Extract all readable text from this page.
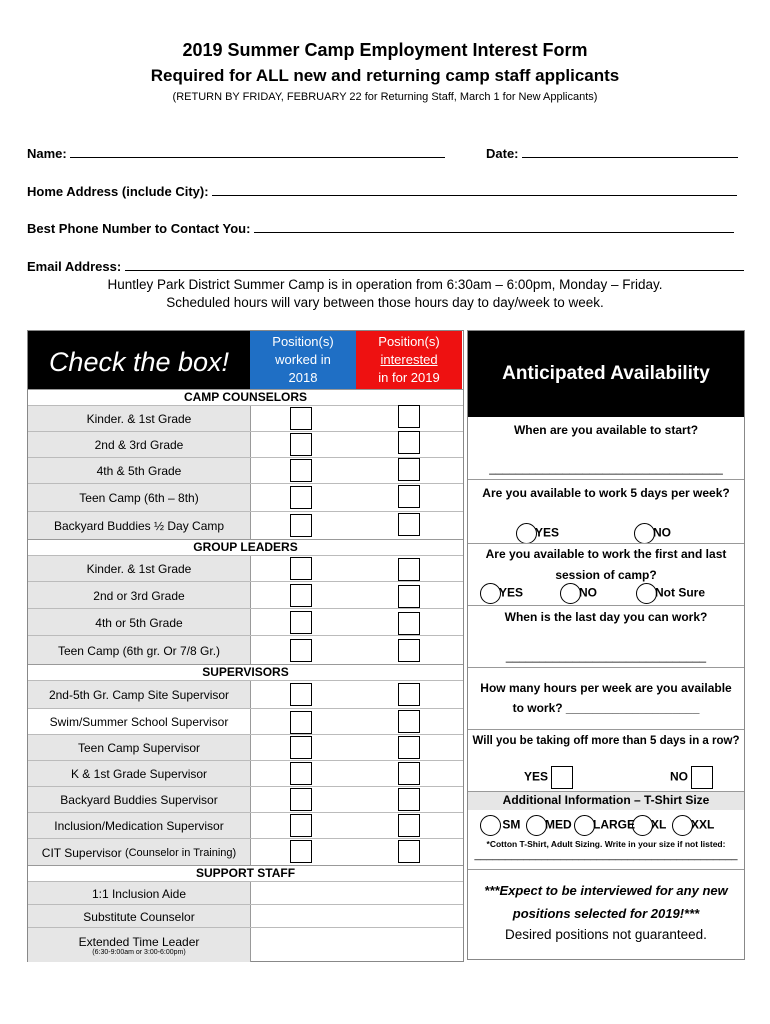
2019 Summer Camp Employment Interest Form
Required for ALL new and returning camp staff applicants
(RETURN BY FRIDAY, FEBRUARY 22 for Returning Staff, March 1 for New Applicants)
Name:	Date:
Home Address (include City):
Best Phone Number to Contact You:
Email Address:
Huntley Park District Summer Camp is in operation from 6:30am – 6:00pm, Monday – Friday.
Scheduled hours will vary between those hours day to day/week to week.
Check the box!
Position(s)
worked in
2018
Position(s)
interested
in for 2019
CAMP COUNSELORS
Kinder. & 1st Grade
2nd & 3rd Grade
4th & 5th Grade
Teen Camp (6th – 8th)
Backyard Buddies ½ Day Camp
GROUP LEADERS
Kinder. & 1st Grade
2nd or 3rd Grade
4th or 5th Grade
Teen Camp (6th gr. Or 7/8 Gr.)
SUPERVISORS
2nd-5th Gr. Camp Site Supervisor
Swim/Summer School Supervisor
Teen Camp Supervisor
K & 1st Grade Supervisor
Backyard Buddies Supervisor
Inclusion/Medication Supervisor
CIT Supervisor
(Counselor in Training)
SUPPORT STAFF
1:1 Inclusion Aide
Substitute Counselor
Extended Time Leader
(6:30-9:00am or 3:00-6:00pm)
Anticipated Availability
When are you available to start?
___________________________________
Are you available to work 5 days per week?
YES	NO
Are you available to work the first and last
session of camp?
YES	NO	Not Sure
When is the last day you can work?
______________________________
How many hours per week are you available
to work? ____________________
Will you be taking off more than 5 days in a row?
YES	NO
Additional Information – T-Shirt Size
SM	MED	LARGE	XL	XXL
*Cotton T-Shirt, Adult Sizing. Write in your size if not listed:
___________________________________________
***Expect to be interviewed for any new
positions selected for 2019!***
Desired positions not guaranteed.
